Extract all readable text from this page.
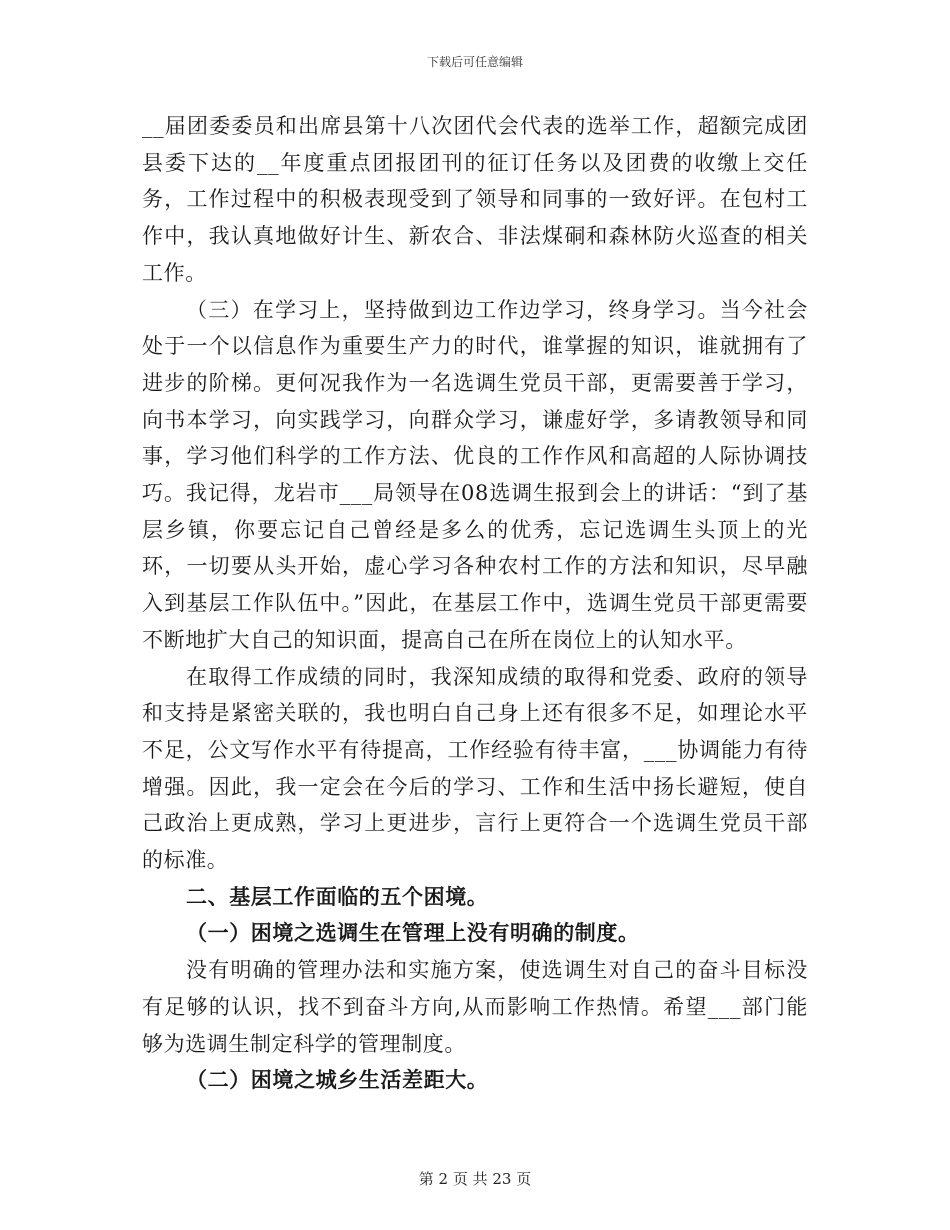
下载后可任意编辑

__届团委委员和出席县第十八次团代会代表的选举工作，超额完成团县委下达的__年度重点团报团刊的征订任务以及团费的收缴上交任务，工作过程中的积极表现受到了领导和同事的一致好评。在包村工作中，我认真地做好计生、新农合、非法煤硐和森林防火巡查的相关工作。

（三）在学习上，坚持做到边工作边学习，终身学习。当今社会处于一个以信息作为重要生产力的时代，谁掌握的知识，谁就拥有了进步的阶梯。更何况我作为一名选调生党员干部，更需要善于学习，向书本学习，向实践学习，向群众学习，谦虚好学，多请教领导和同事，学习他们科学的工作方法、优良的工作作风和高超的人际协调技巧。我记得，龙岩市___局领导在08选调生报到会上的讲话：“到了基层乡镇，你要忘记自己曾经是多么的优秀，忘记选调生头顶上的光环，一切要从头开始，虚心学习各种农村工作的方法和知识，尽早融入到基层工作队伍中。”因此，在基层工作中，选调生党员干部更需要不断地扩大自己的知识面，提高自己在所在岗位上的认知水平。

在取得工作成绩的同时，我深知成绩的取得和党委、政府的领导和支持是紧密关联的，我也明白自己身上还有很多不足，如理论水平不足，公文写作水平有待提高，工作经验有待丰富，___协调能力有待增强。因此，我一定会在今后的学习、工作和生活中扬长避短，使自己政治上更成熟，学习上更进步，言行上更符合一个选调生党员干部的标准。

二、基层工作面临的五个困境。

（一）困境之选调生在管理上没有明确的制度。

没有明确的管理办法和实施方案，使选调生对自己的奋斗目标没有足够的认识，找不到奋斗方向,从而影响工作热情。希望___部门能够为选调生制定科学的管理制度。

（二）困境之城乡生活差距大。

第 2 页 共 23 页
